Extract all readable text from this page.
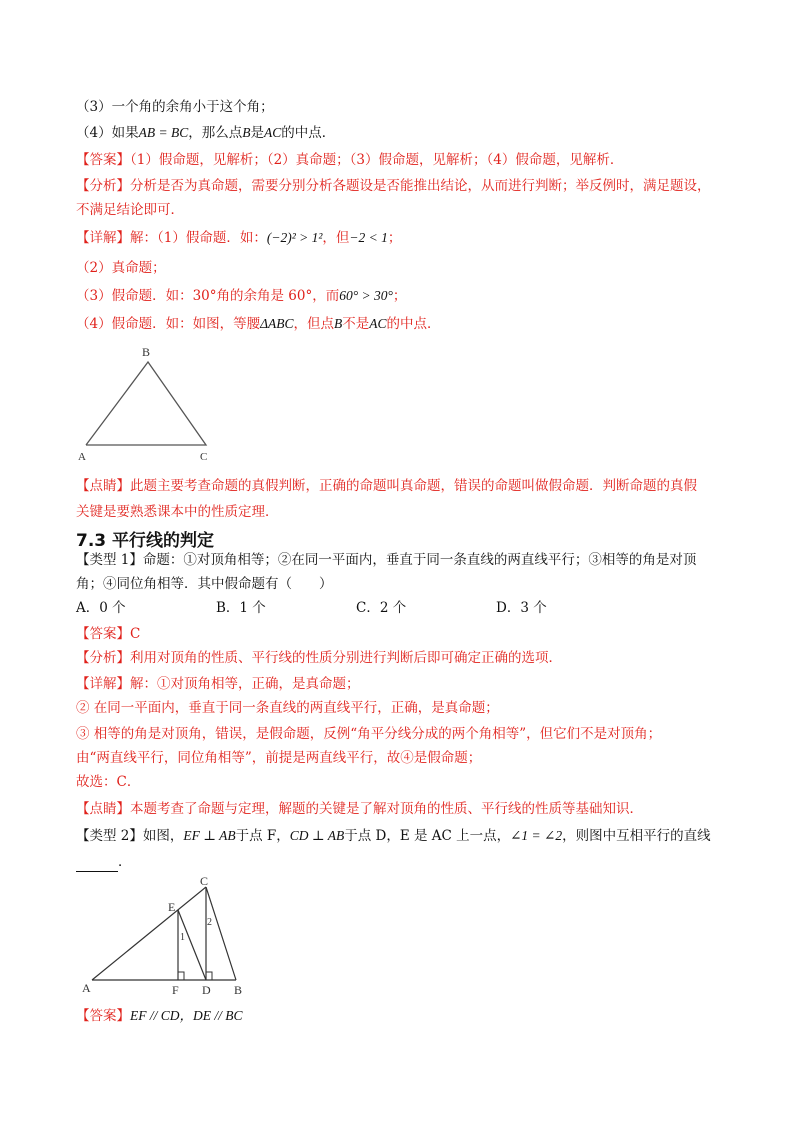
（3）一个角的余角小于这个角；
（4）如果AB = BC，那么点B是AC的中点．
【答案】（1）假命题，见解析；（2）真命题；（3）假命题，见解析；（4）假命题，见解析．
【分析】分析是否为真命题，需要分别分析各题设是否能推出结论，从而进行判断；举反例时，满足题设，
不满足结论即可．
【详解】解：（1）假命题．如：(−2)² > 1²，但−2 < 1；
（2）真命题；
（3）假命题．如：30°角的余角是 60°，而60° > 30°；
（4）假命题．如：如图，等腰ΔABC，但点B不是AC的中点．
B
A	C
【点睛】此题主要考查命题的真假判断，正确的命题叫真命题，错误的命题叫做假命题．判断命题的真假
关键是要熟悉课本中的性质定理．
7.3 平行线的判定
【类型 1】命题：①对顶角相等；②在同一平面内，垂直于同一条直线的两直线平行；③相等的角是对顶
角；④同位角相等．其中假命题有（　　）
A．0 个	B．1 个	C．2 个	D．3 个
【答案】C
【分析】利用对顶角的性质、平行线的性质分别进行判断后即可确定正确的选项．
【详解】解：①对顶角相等，正确，是真命题；
② 在同一平面内，垂直于同一条直线的两直线平行，正确，是真命题；
③ 相等的角是对顶角，错误，是假命题，反例“角平分线分成的两个角相等”，但它们不是对顶角；
由“两直线平行，同位角相等”，前提是两直线平行，故④是假命题；
故选：C．
【点睛】本题考查了命题与定理，解题的关键是了解对顶角的性质、平行线的性质等基础知识．
【类型 2】如图，EF ⊥ AB于点 F，CD ⊥ AB于点 D，E 是 AC 上一点，∠1 = ∠2，则图中互相平行的直线
．
C
E
A	F D B
1
2
【答案】EF // CD，DE // BC
